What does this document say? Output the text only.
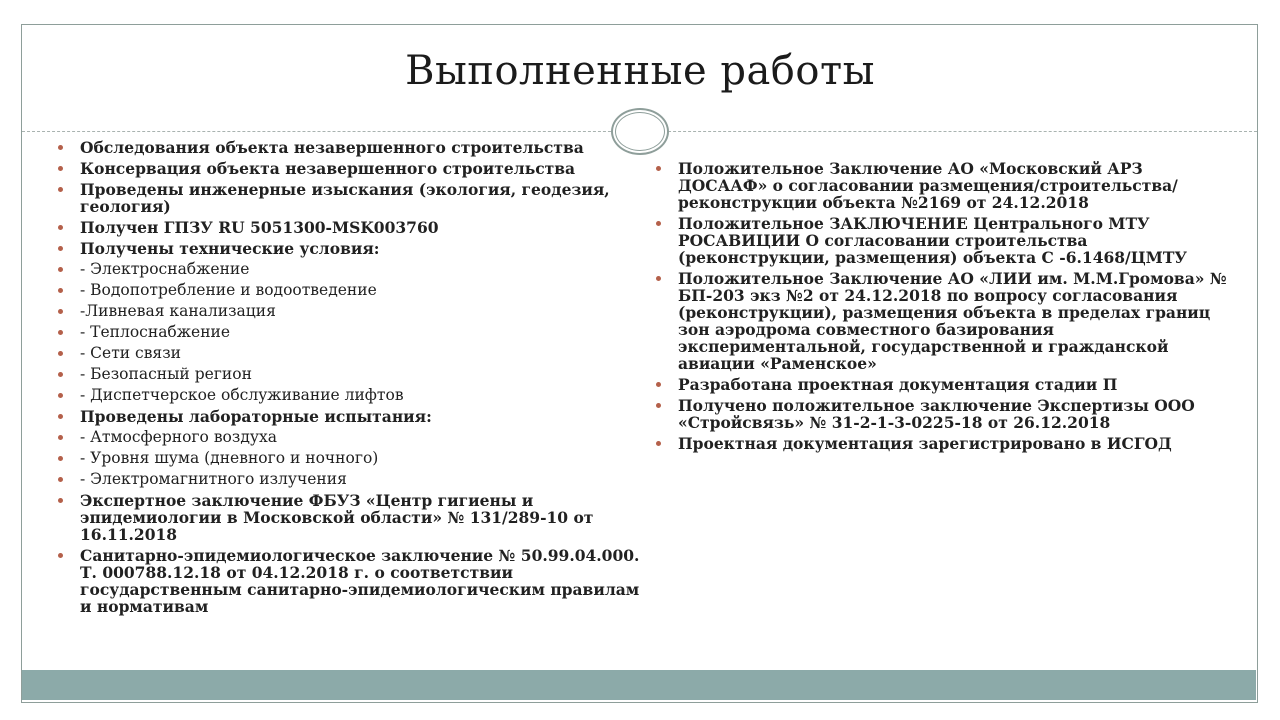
Выполненные работы
Обследования объекта незавершенного строительства
Консервация объекта незавершенного строительства
Проведены инженерные изыскания (экология, геодезия, геология)
Получен ГПЗУ RU 5051300-MSK003760
Получены технические условия:
- Электроснабжение
- Водопотребление и водоотведение
-Ливневая канализация
- Теплоснабжение
- Сети связи
- Безопасный регион
- Диспетчерское обслуживание лифтов
Проведены лабораторные испытания:
- Атмосферного воздуха
- Уровня шума (дневного и ночного)
- Электромагнитного излучения
Экспертное заключение ФБУЗ «Центр гигиены и эпидемиологии в Московской области» № 131/289-10 от 16.11.2018
Санитарно-эпидемиологическое заключение № 50.99.04.000. Т. 000788.12.18 от 04.12.2018 г. о соответствии государственным санитарно-эпидемиологическим правилам и нормативам
Положительное Заключение АО «Московский АРЗ ДОСААФ» о согласовании размещения/строительства/ реконструкции объекта №2169 от 24.12.2018
Положительное ЗАКЛЮЧЕНИЕ Центрального МТУ РОСАВИЦИИ О согласовании строительства (реконструкции, размещения) объекта С -6.1468/ЦМТУ
Положительное Заключение АО «ЛИИ им. М.М.Громова» № БП-203 экз №2 от 24.12.2018 по вопросу согласования (реконструкции), размещения объекта в пределах границ зон аэродрома совместного базирования экспериментальной, государственной и гражданской авиации «Раменское»
Разработана проектная документация стадии П
Получено положительное заключение Экспертизы ООО «Стройсвязь» № 31-2-1-3-0225-18 от 26.12.2018
Проектная документация зарегистрировано в ИСГОД
